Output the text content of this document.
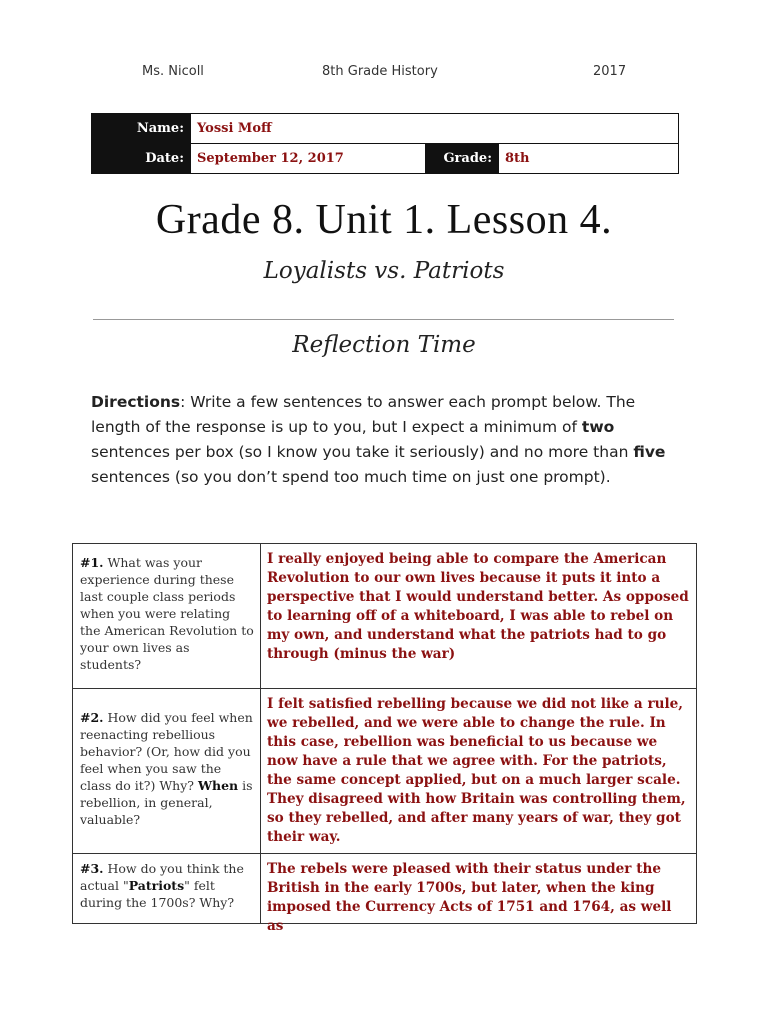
Ms. Nicoll	8th Grade History	2017
Name:	Yossi Moff		
Date:	September 12, 2017	Grade:	8th
Grade 8. Unit 1. Lesson 4.
Loyalists vs. Patriots
Reflection Time
Directions: Write a few sentences to answer each prompt below. The length of the response is up to you, but I expect a minimum of two sentences per box (so I know you take it seriously) and no more than five sentences (so you don’t spend too much time on just one prompt).
#1. What was your experience during these last couple class periods when you were relating the American Revolution to your own lives as students?	I really enjoyed being able to compare the American Revolution to our own lives because it puts it into a perspective that I would understand better. As opposed to learning off of a whiteboard, I was able to rebel on my own, and understand what the patriots had to go through (minus the war)
#2. How did you feel when reenacting rebellious behavior? (Or, how did you feel when you saw the class do it?) Why? When is rebellion, in general, valuable?	I felt satisfied rebelling because we did not like a rule, we rebelled, and we were able to change the rule. In this case, rebellion was beneficial to us because we now have a rule that we agree with. For the patriots, the same concept applied, but on a much larger scale. They disagreed with how Britain was controlling them, so they rebelled, and after many years of war, they got their way.
#3. How do you think the actual "Patriots" felt during the 1700s? Why?	The rebels were pleased with their status under the British in the early 1700s, but later, when the king imposed the Currency Acts of 1751 and 1764, as well as
